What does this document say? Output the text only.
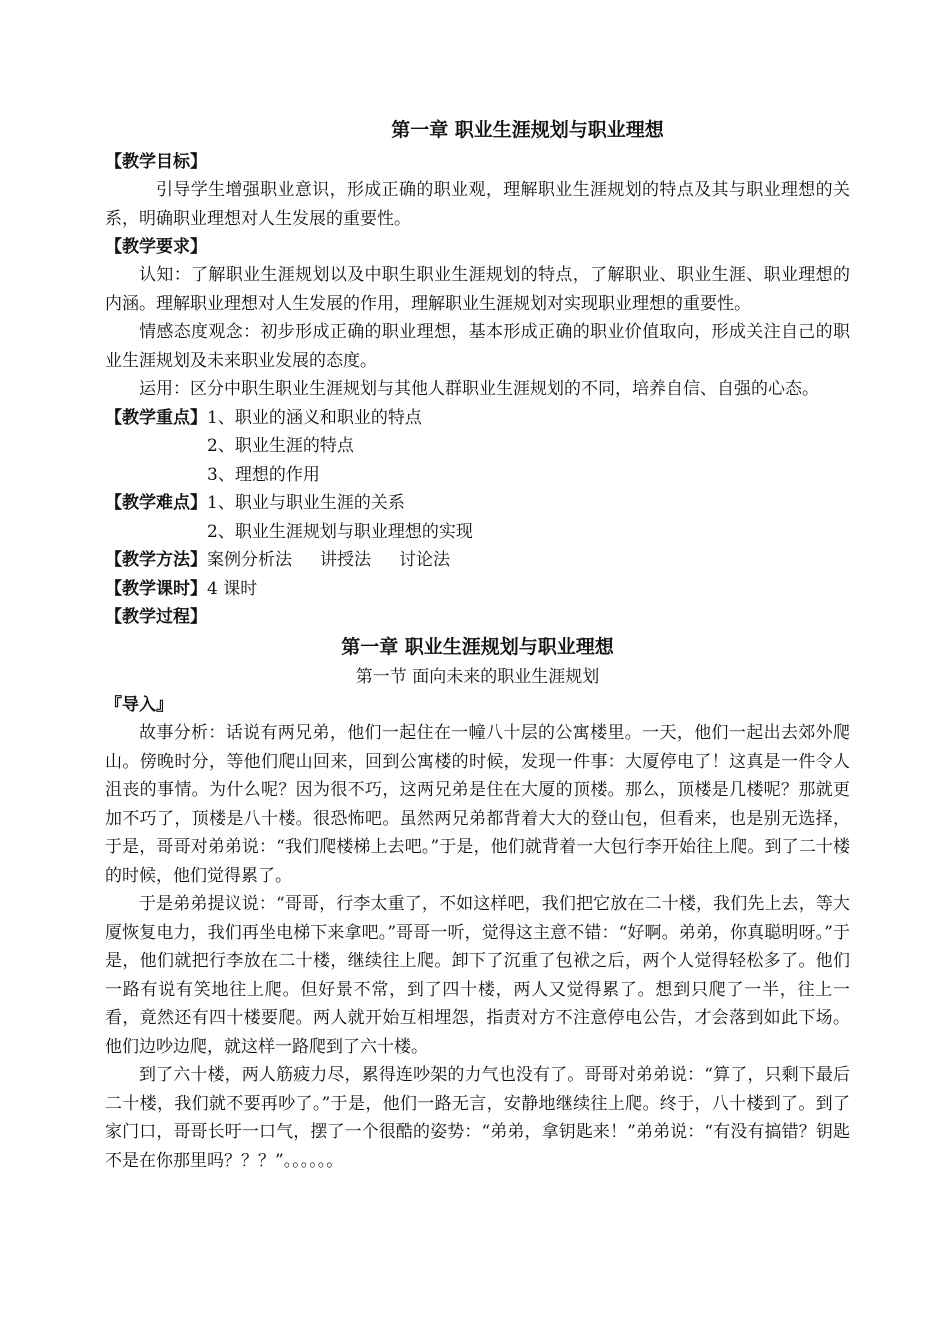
第一章 职业生涯规划与职业理想
【教学目标】

引导学生增强职业意识，形成正确的职业观，理解职业生涯规划的特点及其与职业理想的关系，明确职业理想对人生发展的重要性。

【教学要求】

认知：了解职业生涯规划以及中职生职业生涯规划的特点，了解职业、职业生涯、职业理想的内涵。理解职业理想对人生发展的作用，理解职业生涯规划对实现职业理想的重要性。

情感态度观念：初步形成正确的职业理想，基本形成正确的职业价值取向，形成关注自己的职业生涯规划及未来职业发展的态度。

运用：区分中职生职业生涯规划与其他人群职业生涯规划的不同，培养自信、自强的心态。

【教学重点】1、职业的涵义和职业的特点
2、职业生涯的特点
3、理想的作用
【教学难点】1、职业与职业生涯的关系
2、职业生涯规划与职业理想的实现
【教学方法】案例分析法 讲授法 讨论法
【教学课时】4 课时
【教学过程】
第一章 职业生涯规划与职业理想
第一节 面向未来的职业生涯规划
『导入』

故事分析：话说有两兄弟，他们一起住在一幢八十层的公寓楼里。一天，他们一起出去郊外爬山。傍晚时分，等他们爬山回来，回到公寓楼的时候，发现一件事：大厦停电了！这真是一件令人沮丧的事情。为什么呢？因为很不巧，这两兄弟是住在大厦的顶楼。那么，顶楼是几楼呢？那就更加不巧了，顶楼是八十楼。很恐怖吧。虽然两兄弟都背着大大的登山包，但看来，也是别无选择，于是，哥哥对弟弟说：“我们爬楼梯上去吧。”于是，他们就背着一大包行李开始往上爬。到了二十楼的时候，他们觉得累了。

于是弟弟提议说：“哥哥，行李太重了，不如这样吧，我们把它放在二十楼，我们先上去，等大厦恢复电力，我们再坐电梯下来拿吧。”哥哥一听，觉得这主意不错：“好啊。弟弟，你真聪明呀。”于是，他们就把行李放在二十楼，继续往上爬。卸下了沉重了包袱之后，两个人觉得轻松多了。他们一路有说有笑地往上爬。但好景不常，到了四十楼，两人又觉得累了。想到只爬了一半，往上一看，竟然还有四十楼要爬。两人就开始互相埋怨，指责对方不注意停电公告，才会落到如此下场。他们边吵边爬，就这样一路爬到了六十楼。

到了六十楼，两人筋疲力尽，累得连吵架的力气也没有了。哥哥对弟弟说：“算了，只剩下最后二十楼，我们就不要再吵了。”于是，他们一路无言，安静地继续往上爬。终于，八十楼到了。到了家门口，哥哥长吁一口气，摆了一个很酷的姿势：“弟弟，拿钥匙来！”弟弟说：“有没有搞错？钥匙不是在你那里吗？？？”。。。。。。
